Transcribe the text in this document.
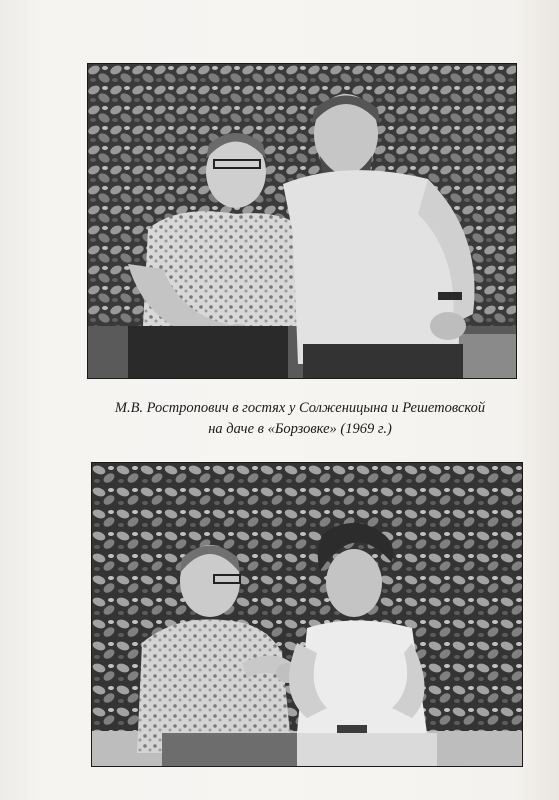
М.В. Ростропович в гостях у Солженицына и Решетовской
на даче в «Борзовке» (1969 г.)
